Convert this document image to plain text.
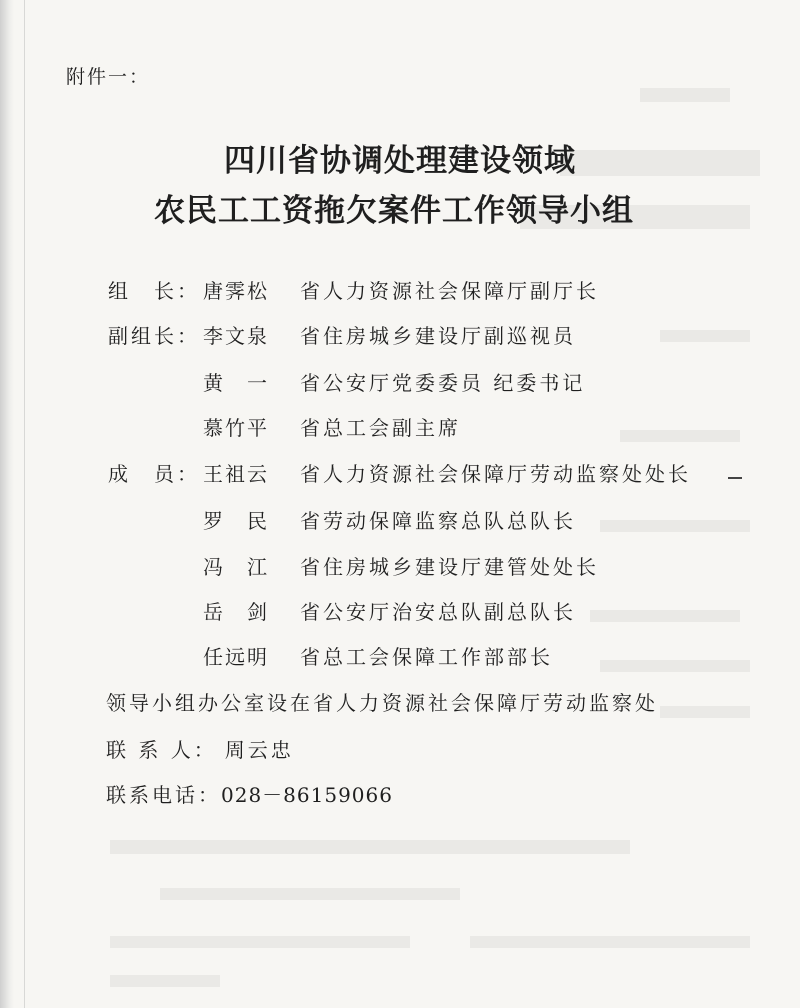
附件一：
四川省协调处理建设领域
农民工工资拖欠案件工作领导小组
组　长： 唐霁松 省人力资源社会保障厅副厅长
副组长： 李文泉 省住房城乡建设厅副巡视员
黄　一 省公安厅党委委员 纪委书记
慕竹平 省总工会副主席
成　员： 王祖云 省人力资源社会保障厅劳动监察处处长
罗　民 省劳动保障监察总队总队长
冯　江 省住房城乡建设厅建管处处长
岳　剑 省公安厅治安总队副总队长
任远明 省总工会保障工作部部长
领导小组办公室设在省人力资源社会保障厅劳动监察处
联 系 人： 周云忠
联系电话：028－86159066
